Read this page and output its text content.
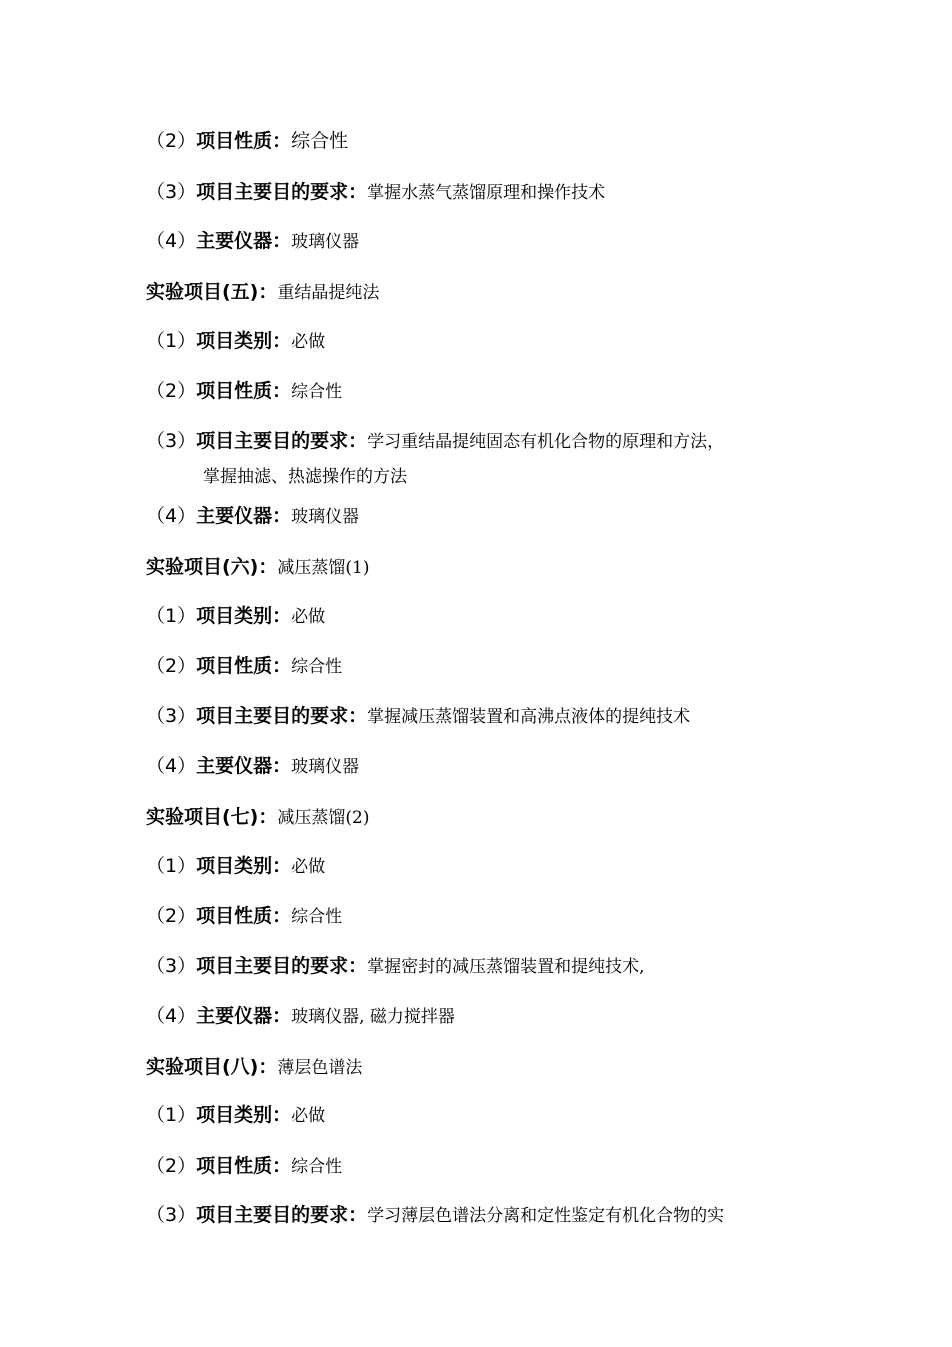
（2）项目性质：综合性
（3）项目主要目的要求：掌握水蒸气蒸馏原理和操作技术
（4）主要仪器：玻璃仪器
实验项目(五)：重结晶提纯法
（1）项目类别：必做
（2）项目性质：综合性
（3）项目主要目的要求：学习重结晶提纯固态有机化合物的原理和方法，
掌握抽滤、热滤操作的方法
（4）主要仪器：玻璃仪器
实验项目(六)：减压蒸馏(1)
（1）项目类别：必做
（2）项目性质：综合性
（3）项目主要目的要求：掌握减压蒸馏装置和高沸点液体的提纯技术
（4）主要仪器：玻璃仪器
实验项目(七)：减压蒸馏(2)
（1）项目类别：必做
（2）项目性质：综合性
（3）项目主要目的要求：掌握密封的减压蒸馏装置和提纯技术,
（4）主要仪器：玻璃仪器, 磁力搅拌器
实验项目(八)：薄层色谱法
（1）项目类别：必做
（2）项目性质：综合性
（3）项目主要目的要求：学习薄层色谱法分离和定性鉴定有机化合物的实
